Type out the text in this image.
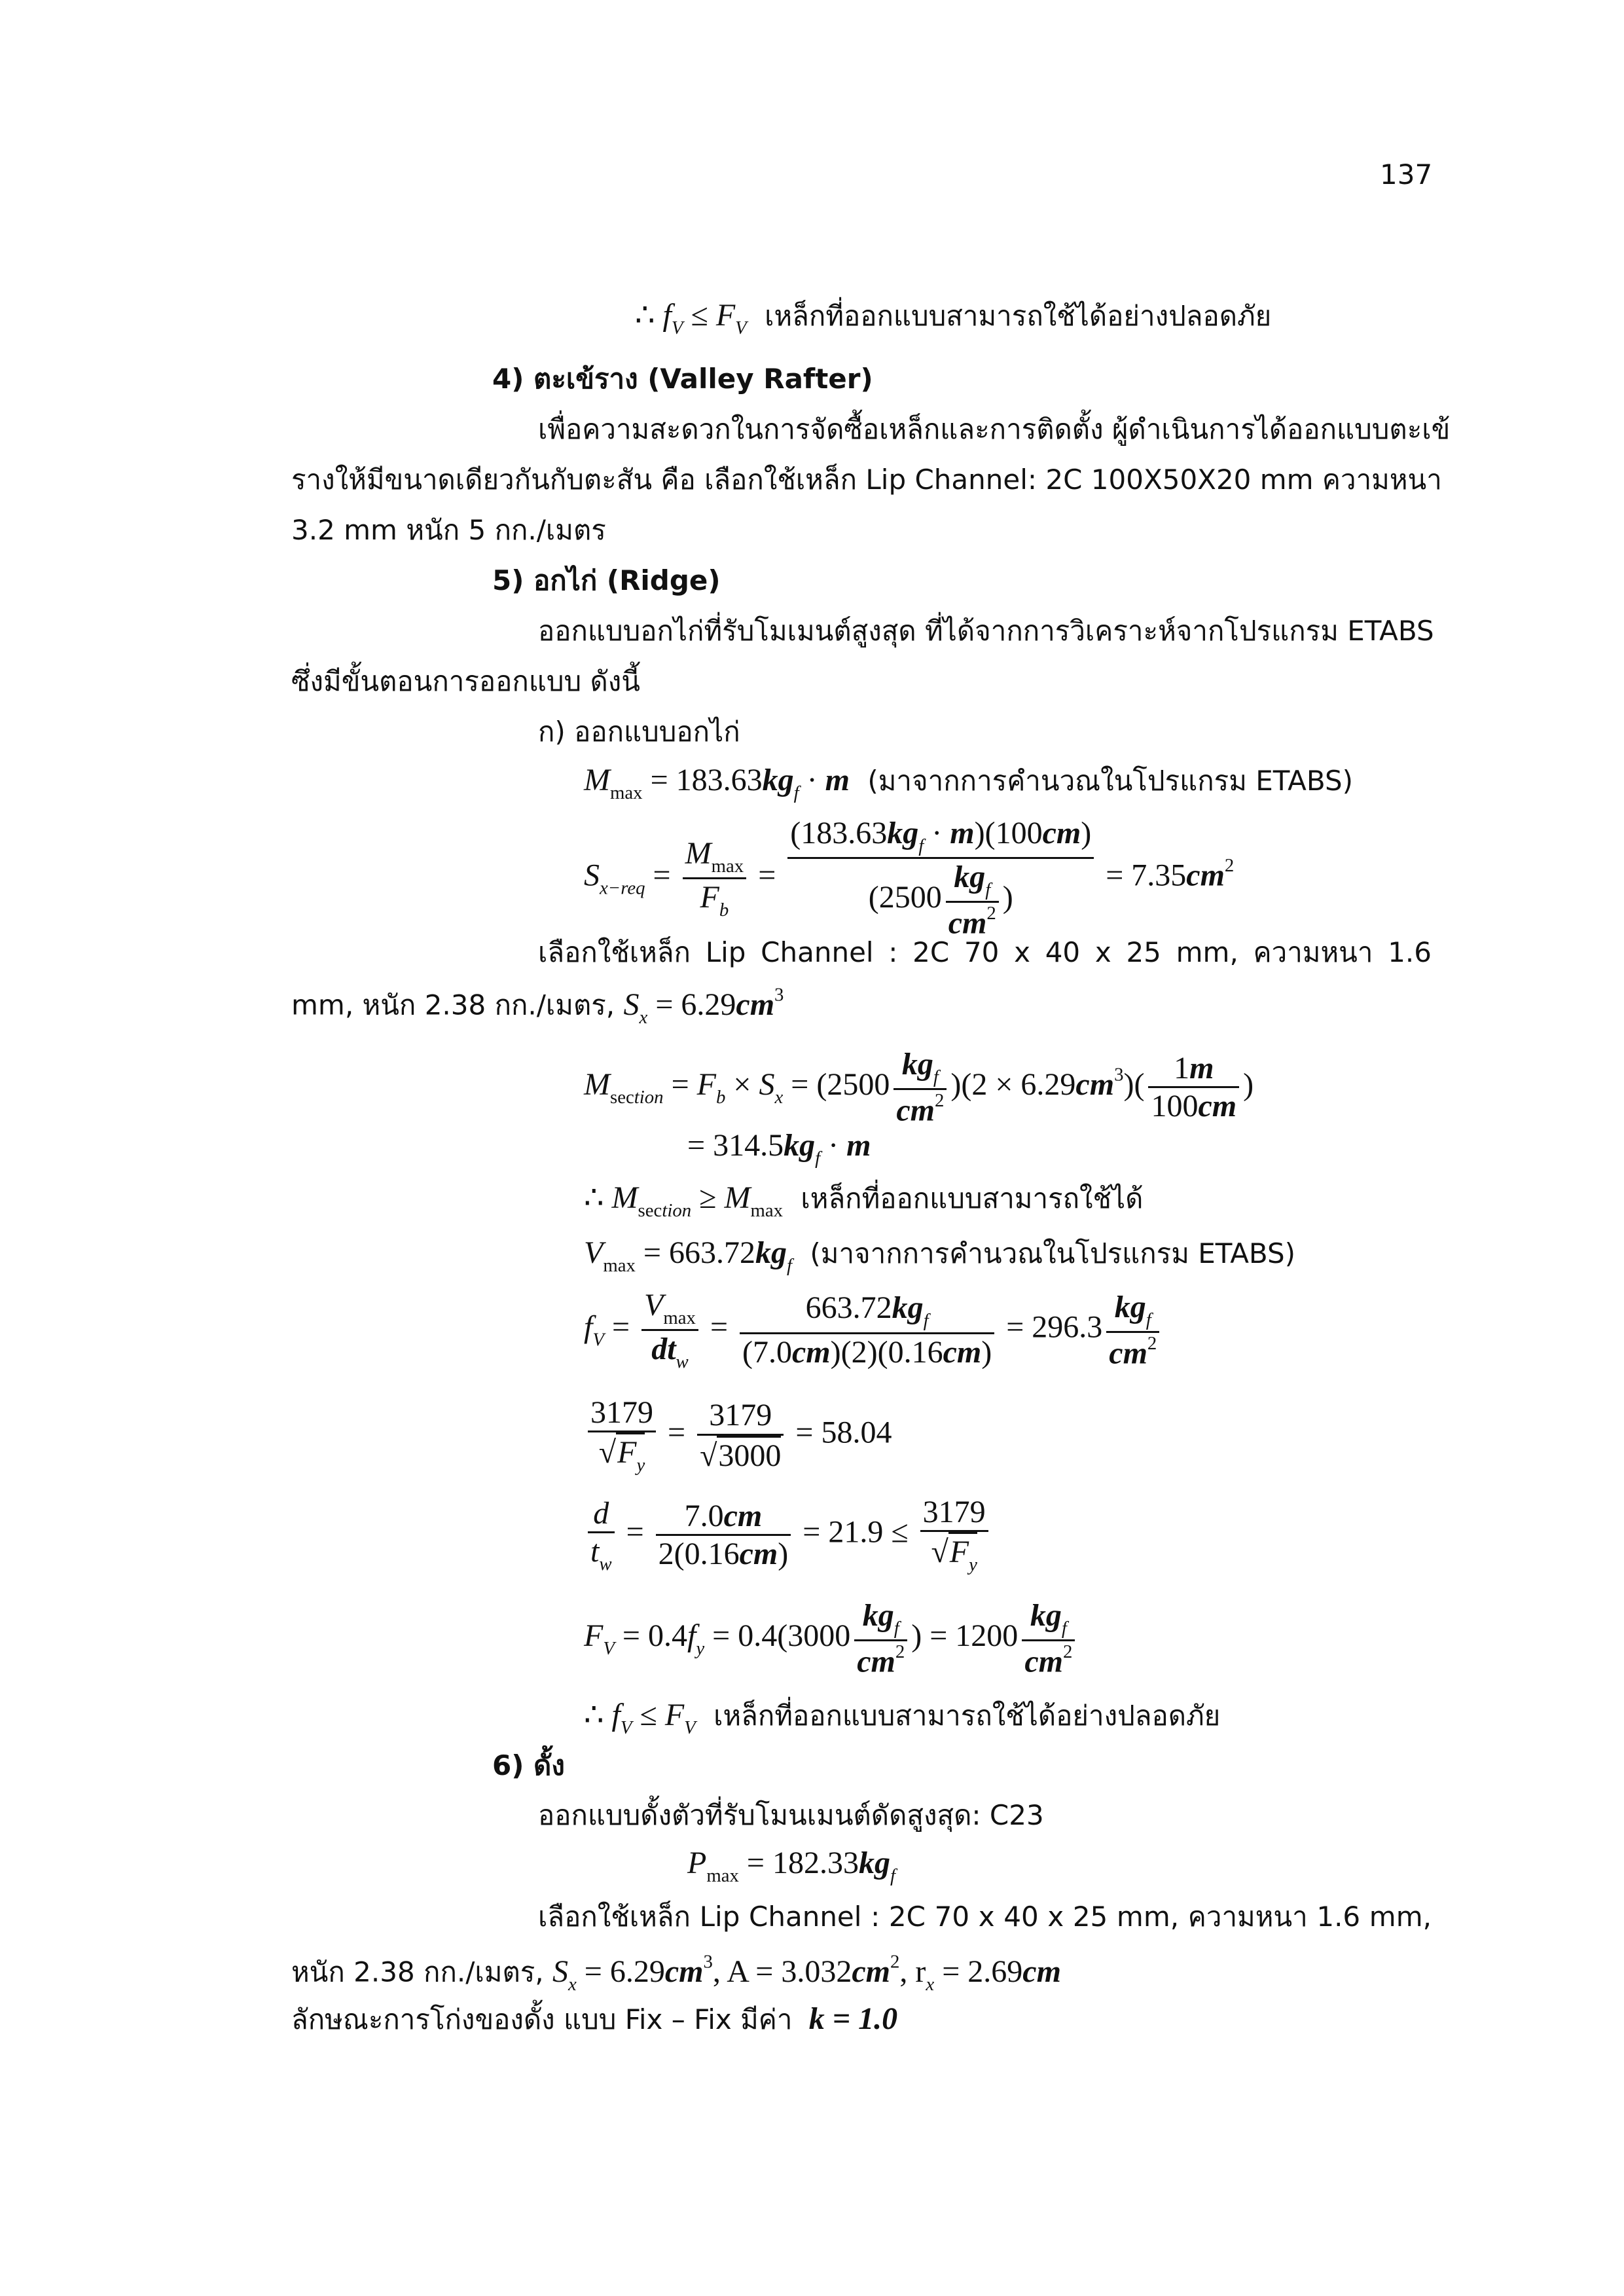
137
∴ $f_V \le F_V$ เหล็กที่ออกแบบสามารถใช้ได้อย่างปลอดภัย
4) ตะเข้ราง (Valley Rafter)
เพื่อความสะดวกในการจัดซื้อเหล็กและการติดตั้ง ผู้ดำเนินการได้ออกแบบตะเข้
รางให้มีขนาดเดียวกันกับตะสัน คือ เลือกใช้เหล็ก Lip Channel: 2C 100X50X20 mm ความหนา
3.2 mm หนัก 5 กก./เมตร
5) อกไก่ (Ridge)
ออกแบบอกไก่ที่รับโมเมนต์สูงสุด ที่ได้จากการวิเคราะห์จากโปรแกรม ETABS
ซึ่งมีขั้นตอนการออกแบบ ดังนี้
ก) ออกแบบอกไก่
$M_{max} = 183.63kg_f \cdot m$ (มาจากการคำนวณในโปรแกรม ETABS)
$S_{x-req} = \frac{M_{max}}{F_b} = \frac{(183.63kg_f \cdot m)(100cm)}{(2500 \frac{kg_f}{cm^2} )} = 7.35cm^2$
เลือกใช้เหล็ก Lip Channel : 2C 70 x 40 x 25 mm, ความหนา 1.6
mm, หนัก 2.38 กก./เมตร, $S_x = 6.29cm^3$
$M_{section} = F_b \times S_x = (2500 \frac{kg_f}{cm^2} )(2 \times 6.29cm^3)( \frac{1m}{100cm}$ )
= $314.5kg_f \cdot m$
∴ $M_{section} \ge M_{max}$ เหล็กที่ออกแบบสามารถใช้ได้
$V_{max} = 663.72kg_f$ (มาจากการคำนวณในโปรแกรม ETABS)
$f_V = \frac{V_{max}}{dt_w} = \frac{663.72kg_f}{(7.0cm)(2)(0.16cm)} = 296.3 \frac{kg_f}{cm^2}$
$\frac{3179}{√F_y} = \frac{3179}{√3000} = 58.04$
$\frac{d}{t_w} = \frac{7.0cm}{2(0.16cm)} = 21.9 \le \frac{3179}{√F_y}$
$F_V = 0.4f_y = 0.4(3000 \frac{kg_f}{cm^2}$ ) = $1200 \frac{kg_f}{cm^2}$
∴ $f_V \le F_V$ เหล็กที่ออกแบบสามารถใช้ได้อย่างปลอดภัย
6) ดั้ง
ออกแบบดั้งตัวที่รับโมนเมนต์ดัดสูงสุด: C23
$P_{max} = 182.33kg_f$
เลือกใช้เหล็ก Lip Channel : 2C 70 x 40 x 25 mm, ความหนา 1.6 mm,
หนัก 2.38 กก./เมตร, $S_x = 6.29cm^3$, $A = 3.032cm^2$, $r_x = 2.69cm$
ลักษณะการโก่งของดั้ง แบบ Fix – Fix มีค่า k = 1.0
